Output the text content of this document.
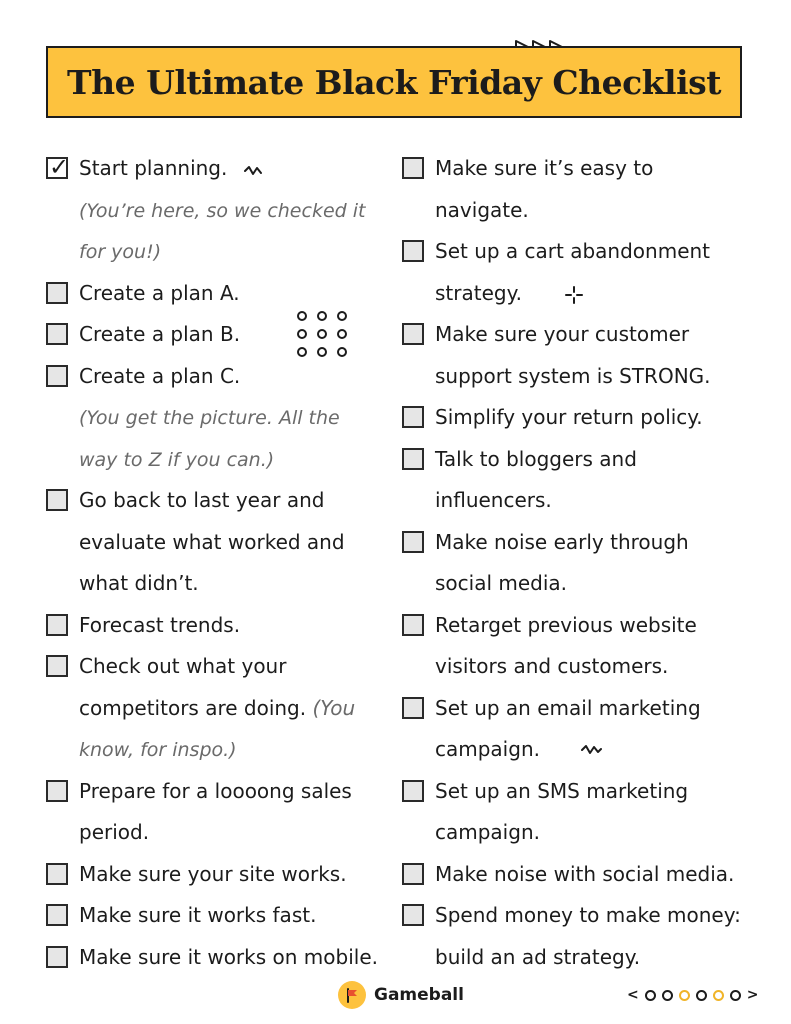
The Ultimate Black Friday Checklist
✓ Start planning.
(You’re here, so we checked it
for you!)
Create a plan A.
Create a plan B.
Create a plan C.
(You get the picture. All the
way to Z if you can.)
Go back to last year and
evaluate what worked and
what didn’t.
Forecast trends.
Check out what your
competitors are doing. (You
know, for inspo.)
Prepare for a loooong sales
period.
Make sure your site works.
Make sure it works fast.
Make sure it works on mobile.
Make sure it’s easy to
navigate.
Set up a cart abandonment
strategy.
Make sure your customer
support system is STRONG.
Simplify your return policy.
Talk to bloggers and
influencers.
Make noise early through
social media.
Retarget previous website
visitors and customers.
Set up an email marketing
campaign.
Set up an SMS marketing
campaign.
Make noise with social media.
Spend money to make money:
build an ad strategy.
Gameball	<	>
